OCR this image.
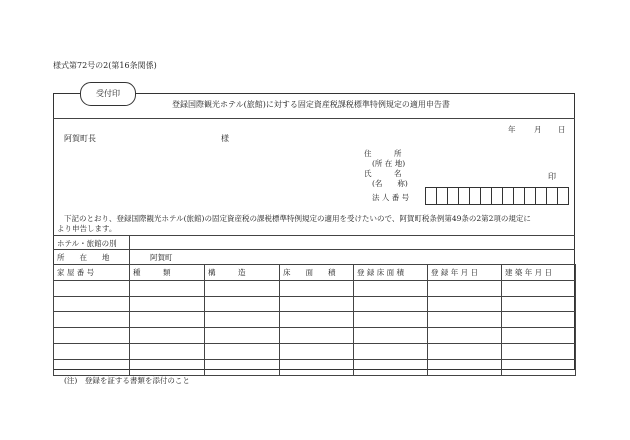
様式第72号の2(第16条関係)
登録国際観光ホテル(旅館)に対する固定資産税課税標準特例規定の適用申告書
受付印
年 月 日
阿賀町長	様
住　　　所
(所 在 地)
氏　　　名
(名　　称)
印
法 人 番 号
下記のとおり、登録国際観光ホテル(旅館)の固定資産税の課税標準特例規定の適用を受けたいので、阿賀町税条例第49条の2第2項の規定に
より申告します。
ホテル・旅館の別
所　　在　　地	阿賀町
家 屋 番 号	種　　　類	構　　　造	床　　面　　積	登 録 床 面 積	登 録 年 月 日	建 築 年 月 日

(注)　登録を証する書類を添付のこと
